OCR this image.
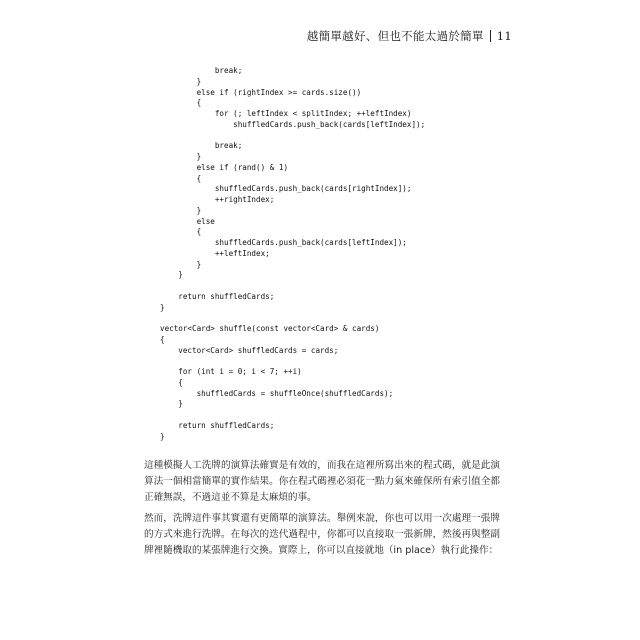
越簡單越好、但也不能太過於簡單 11
break;
}
else if (rightIndex >= cards.size())
{
for (; leftIndex < splitIndex; ++leftIndex)
shuffledCards.push_back(cards[leftIndex]);
break;
}
else if (rand() & 1)
{
shuffledCards.push_back(cards[rightIndex]);
++rightIndex;
}
else
{
shuffledCards.push_back(cards[leftIndex]);
++leftIndex;
}
}
return shuffledCards;
}
vector<Card> shuffle(const vector<Card> & cards)
{
vector<Card> shuffledCards = cards;
for (int i = 0; i < 7; ++i)
{
shuffledCards = shuffleOnce(shuffledCards);
}
return shuffledCards;
}

這種模擬人工洗牌的演算法確實是有效的，而我在這裡所寫出來的程式碼，就是此演算法一個相當簡單的實作結果。你在程式碼裡必須花一點力氣來確保所有索引值全都正確無誤，不過這並不算是太麻煩的事。

然而，洗牌這件事其實還有更簡單的演算法。舉例來說，你也可以用一次處理一張牌的方式來進行洗牌。在每次的迭代過程中，你都可以直接取一張新牌，然後再與整副牌裡隨機取的某張牌進行交換。實際上，你可以直接就地（in place）執行此操作：
